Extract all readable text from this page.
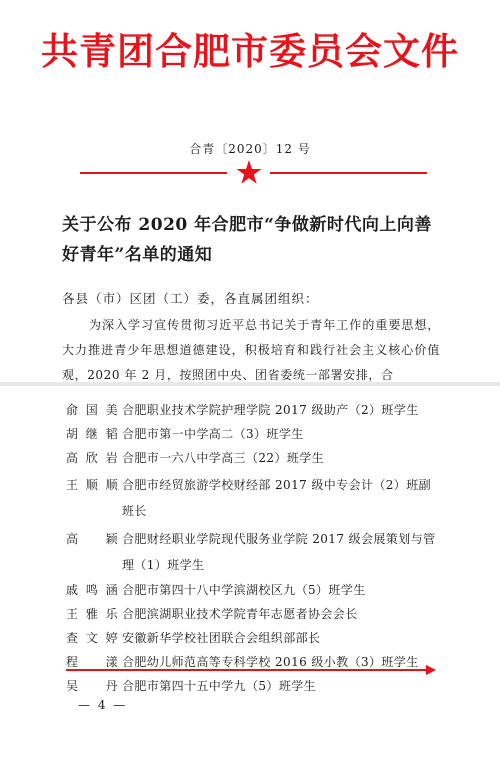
共青团合肥市委员会文件
合青〔2020〕12 号
关于公布 2020 年合肥市“争做新时代向上向善
好青年”名单的通知
各县（市）区团（工）委，各直属团组织：
为深入学习宣传贯彻习近平总书记关于青年工作的重要思想，大力推进青少年思想道德建设，积极培育和践行社会主义核心价值观，2020 年 2 月，按照团中央、团省委统一部署安排，合
俞国美 合肥职业技术学院护理学院 2017 级助产（2）班学生
胡继韬 合肥市第一中学高二（3）班学生
高欣岩 合肥市一六八中学高三（22）班学生
王顺顺 合肥市经贸旅游学校财经部 2017 级中专会计（2）班副班长
高　颖 合肥财经职业学院现代服务业学院 2017 级会展策划与管理（1）班学生
戚鸣涵 合肥市第四十八中学滨湖校区九（5）班学生
王雅乐 合肥滨湖职业技术学院青年志愿者协会会长
查文婷 安徽新华学校社团联合会组织部部长
程　漾 合肥幼儿师范高等专科学校 2016 级小教（3）班学生
吴　丹 合肥市第四十五中学九（5）班学生
— 4 —
